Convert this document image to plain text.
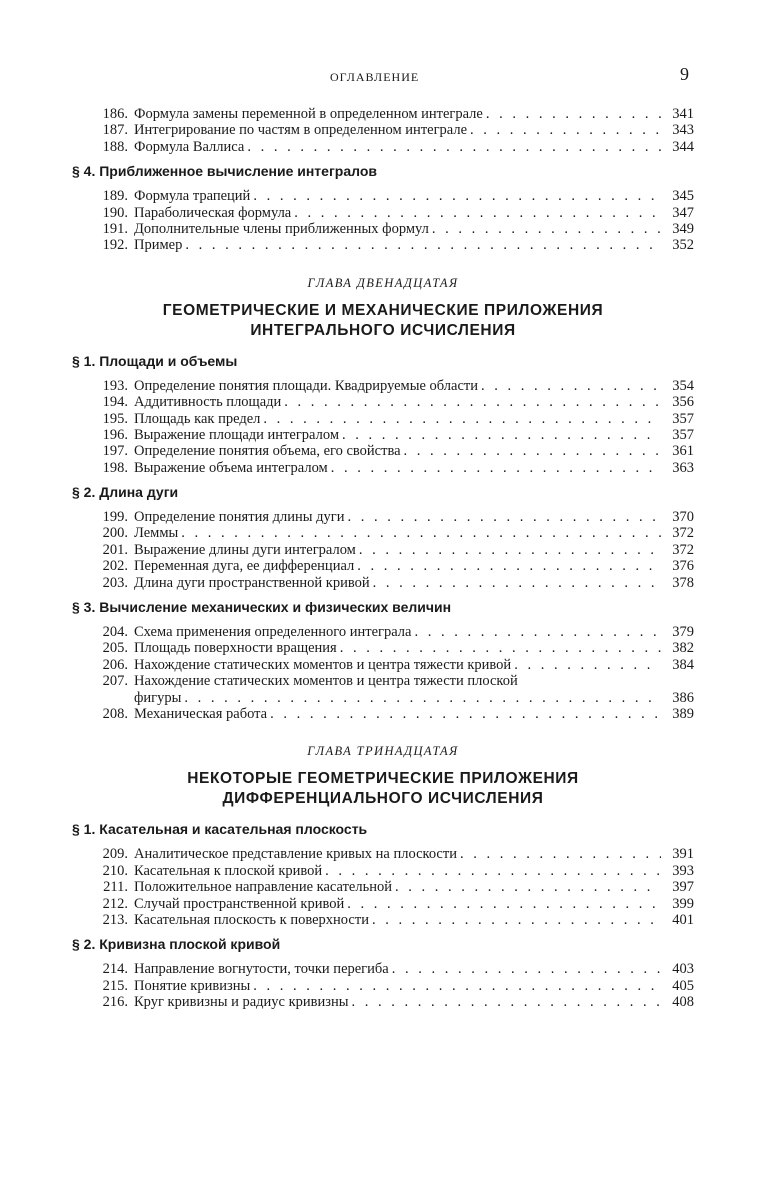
ОГЛАВЛЕНИЕ	9
186. Формула замены переменной в определенном интеграле . . .	341
187. Интегрирование по частям в определенном интеграле . . .	343
188. Формула Валлиса . . .	344
§ 4. Приближенное вычисление интегралов
189. Формула трапеций . . .	345
190. Параболическая формула . . .	347
191. Дополнительные члены приближенных формул . . .	349
192. Пример . . .	352
ГЛАВА ДВЕНАДЦАТАЯ
ГЕОМЕТРИЧЕСКИЕ И МЕХАНИЧЕСКИЕ ПРИЛОЖЕНИЯ
ИНТЕГРАЛЬНОГО ИСЧИСЛЕНИЯ
§ 1. Площади и объемы
193. Определение понятия площади. Квадрируемые области . . .	354
194. Аддитивность площади . . .	356
195. Площадь как предел . . .	357
196. Выражение площади интегралом . . .	357
197. Определение понятия объема, его свойства . . .	361
198. Выражение объема интегралом . . .	363
§ 2. Длина дуги
199. Определение понятия длины дуги . . .	370
200. Леммы . . .	372
201. Выражение длины дуги интегралом . . .	372
202. Переменная дуга, ее дифференциал . . .	376
203. Длина дуги пространственной кривой . . .	378
§ 3. Вычисление механических и физических величин
204. Схема применения определенного интеграла . . .	379
205. Площадь поверхности вращения . . .	382
206. Нахождение статических моментов и центра тяжести кривой . . .	384
207. Нахождение статических моментов и центра тяжести плоской
фигуры . . .	386
208. Механическая работа . . .	389
ГЛАВА ТРИНАДЦАТАЯ
НЕКОТОРЫЕ ГЕОМЕТРИЧЕСКИЕ ПРИЛОЖЕНИЯ
ДИФФЕРЕНЦИАЛЬНОГО ИСЧИСЛЕНИЯ
§ 1. Касательная и касательная плоскость
209. Аналитическое представление кривых на плоскости . . .	391
210. Касательная к плоской кривой . . .	393
211. Положительное направление касательной . . .	397
212. Случай пространственной кривой . . .	399
213. Касательная плоскость к поверхности . . .	401
§ 2. Кривизна плоской кривой
214. Направление вогнутости, точки перегиба . . .	403
215. Понятие кривизны . . .	405
216. Круг кривизны и радиус кривизны . . .	408
